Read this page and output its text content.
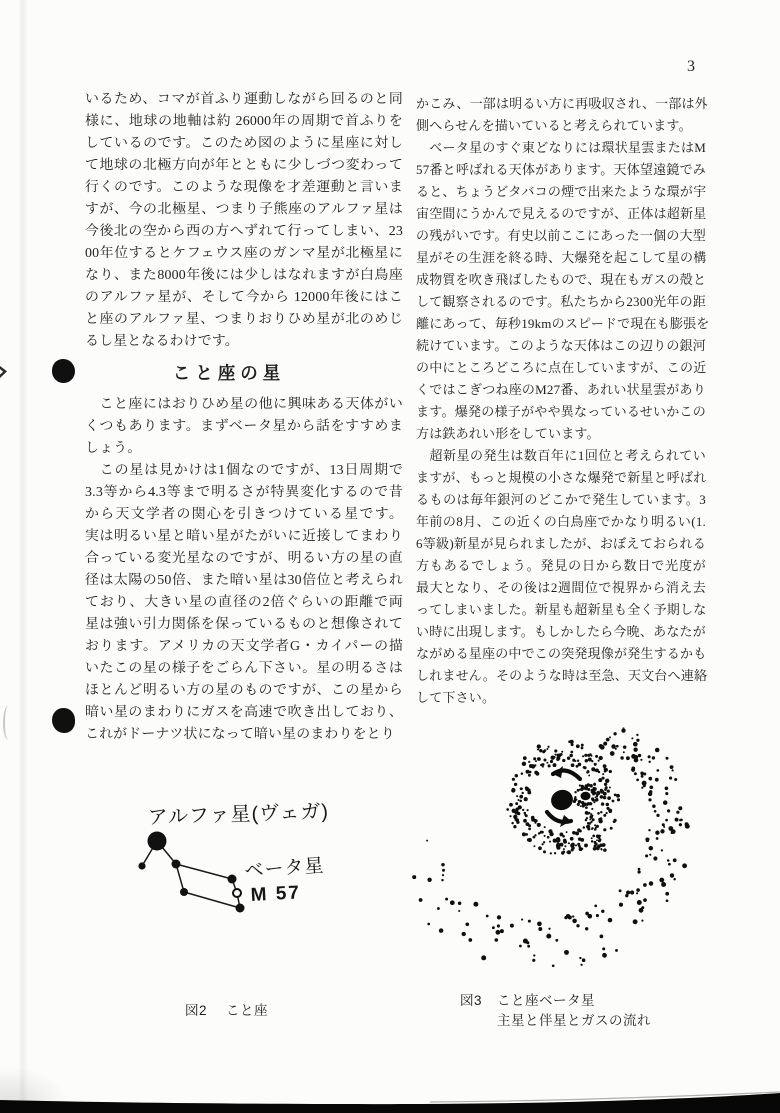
3
いるため、コマが首ふり運動しながら回るのと同
様に、地球の地軸は約 26000年の周期で首ふりを
しているのです。このため図のように星座に対し
て地球の北極方向が年とともに少しづつ変わって
行くのです。このような現像を才差運動と言いま
すが、今の北極星、つまり子熊座のアルファ星は
今後北の空から西の方へずれて行ってしまい、23
00年位するとケフェウス座のガンマ星が北極星に
なり、また8000年後には少しはなれますが白鳥座
のアルファ星が、そして今から 12000年後にはこ
と座のアルファ星、つまりおりひめ星が北のめじ
るし星となるわけです。
こと座の星
　こと座にはおりひめ星の他に興味ある天体がい
くつもあります。まずベータ星から話をすすめま
しょう。
　この星は見かけは1個なのですが、13日周期で
3.3等から4.3等まで明るさが特異変化するので昔
から天文学者の関心を引きつけている星です。
実は明るい星と暗い星がたがいに近接してまわり
合っている変光星なのですが、明るい方の星の直
径は太陽の50倍、また暗い星は30倍位と考えられ
ており、大きい星の直径の2倍ぐらいの距離で両
星は強い引力関係を保っているものと想像されて
おります。アメリカの天文学者G・カイパーの描
いたこの星の様子をごらん下さい。星の明るさは
ほとんど明るい方の星のものですが、この星から
暗い星のまわりにガスを高速で吹き出しており、
これがドーナツ状になって暗い星のまわりをとり
かこみ、一部は明るい方に再吸収され、一部は外
側へらせんを描いていると考えられています。
　ベータ星のすぐ東どなりには環状星雲またはM
57番と呼ばれる天体があります。天体望遠鏡でみ
ると、ちょうどタバコの煙で出来たような環が宇
宙空間にうかんで見えるのですが、正体は超新星
の残がいです。有史以前ここにあった一個の大型
星がその生涯を終る時、大爆発を起こして星の構
成物質を吹き飛ばしたもので、現在もガスの殻と
して観察されるのです。私たちから2300光年の距
離にあって、毎秒19kmのスピードで現在も膨張を
続けています。このような天体はこの辺りの銀河
の中にところどころに点在していますが、この近
くではこぎつね座のM27番、あれい状星雲があり
ます。爆発の様子がやや異なっているせいかこの
方は鉄あれい形をしています。
　超新星の発生は数百年に1回位と考えられてい
ますが、もっと規模の小さな爆発で新星と呼ばれ
るものは毎年銀河のどこかで発生しています。3
年前の8月、この近くの白鳥座でかなり明るい(1.
6等級)新星が見られましたが、おぼえておられる
方もあるでしょう。発見の日から数日で光度が
最大となり、その後は2週間位で視界から消え去
ってしまいました。新星も超新星も全く予期しな
い時に出現します。もしかしたら今晩、あなたが
ながめる星座の中でこの突発現像が発生するかも
しれません。そのような時は至急、天文台へ連絡
して下さい。
アルファ星(ヴェガ)
ベータ星
M 57
図2 こと座
図3 こと座ベータ星
主星と伴星とガスの流れ
